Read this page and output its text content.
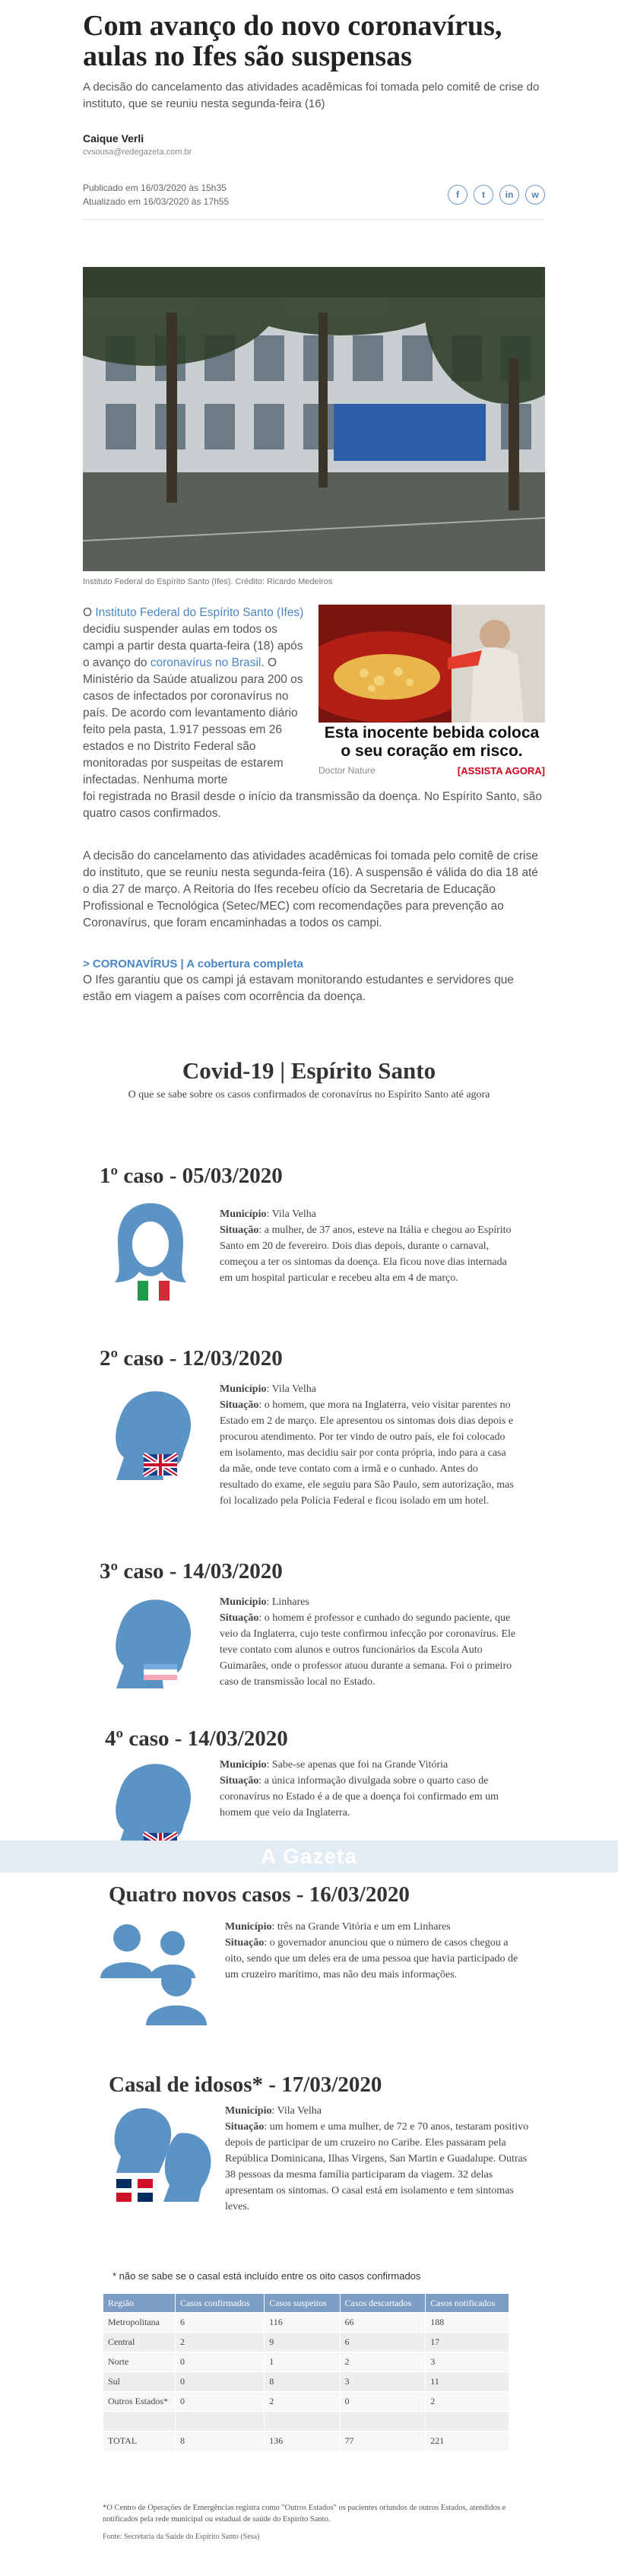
Com avanço do novo coronavírus, aulas no Ifes são suspensas

A decisão do cancelamento das atividades acadêmicas foi tomada pelo comitê de crise do instituto, que se reuniu nesta segunda-feira (16)

Caique Verli
cvsousa@redegazeta.com.br
Publicado em 16/03/2020 às 15h35
Atualizado em 16/03/2020 às 17h55
f	t	in	w
Instituto Federal do Espírito Santo (Ifes). Crédito: Ricardo Medeiros
Esta inocente bebida coloca o seu coração em risco.
Doctor Nature	[ASSISTA AGORA]

O Instituto Federal do Espírito Santo (Ifes) decidiu suspender aulas em todos os campi a partir desta quarta-feira (18) após o avanço do coronavírus no Brasil. O Ministério da Saúde atualizou para 200 os casos de infectados por coronavírus no país. De acordo com levantamento diário feito pela pasta, 1.917 pessoas em 26 estados e no Distrito Federal são monitoradas por suspeitas de estarem infectadas. Nenhuma morte

foi registrada no Brasil desde o início da transmissão da doença. No Espírito Santo, são quatro casos confirmados.

A decisão do cancelamento das atividades acadêmicas foi tomada pelo comitê de crise do instituto, que se reuniu nesta segunda-feira (16). A suspensão é válida do dia 18 até o dia 27 de março. A Reitoria do Ifes recebeu ofício da Secretaria de Educação Profissional e Tecnológica (Setec/MEC) com recomendações para prevenção ao Coronavírus, que foram encaminhadas a todos os campi.

> CORONAVÍRUS | A cobertura completa

O Ifes garantiu que os campi já estavam monitorando estudantes e servidores que estão em viagem a países com ocorrência da doença.

Covid-19 | Espírito Santo
O que se sabe sobre os casos confirmados de coronavírus no Espírito Santo até agora
1º caso - 05/03/2020
Município: Vila Velha
Situação: a mulher, de 37 anos, esteve na Itália e chegou ao Espírito Santo em 20 de fevereiro. Dois dias depois, durante o carnaval, começou a ter os sintomas da doença. Ela ficou nove dias internada em um hospital particular e recebeu alta em 4 de março.
2º caso - 12/03/2020
Município: Vila Velha
Situação: o homem, que mora na Inglaterra, veio visitar parentes no Estado em 2 de março. Ele apresentou os sintomas dois dias depois e procurou atendimento. Por ter vindo de outro país, ele foi colocado em isolamento, mas decidiu sair por conta própria, indo para a casa da mãe, onde teve contato com a irmã e o cunhado. Antes do resultado do exame, ele seguiu para São Paulo, sem autorização, mas foi localizado pela Polícia Federal e ficou isolado em um hotel.
3º caso - 14/03/2020
Município: Linhares
Situação: o homem é professor e cunhado do segundo paciente, que veio da Inglaterra, cujo teste confirmou infecção por coronavírus. Ele teve contato com alunos e outros funcionários da Escola Auto Guimarães, onde o professor atuou durante a semana. Foi o primeiro caso de transmissão local no Estado.
4º caso - 14/03/2020
Município: Sabe-se apenas que foi na Grande Vitória
Situação: a única informação divulgada sobre o quarto caso de coronavírus no Estado é a de que a doença foi confirmado em um homem que veio da Inglaterra.
A Gazeta
Quatro novos casos - 16/03/2020
Município: três na Grande Vitória e um em Linhares
Situação: o governador anunciou que o número de casos chegou a oito, sendo que um deles era de uma pessoa que havia participado de um cruzeiro marítimo, mas não deu mais informações.
Casal de idosos* - 17/03/2020
Município: Vila Velha
Situação: um homem e uma mulher, de 72 e 70 anos, testaram positivo depois de participar de um cruzeiro no Caribe. Eles passaram pela República Dominicana, Ilhas Virgens, San Martin e Guadalupe. Outras 38 pessoas da mesma família participaram da viagem. 32 delas apresentam os sintomas. O casal está em isolamento e tem sintomas leves.
* não se sabe se o casal está incluído entre os oito casos confirmados
Região	Casos confirmados	Casos suspeitos	Casos descartados	Casos notificados
Metropolitana	6	116	66	188
Central	2	9	6	17
Norte	0	1	2	3
Sul	0	8	3	11
Outros Estados*	0	2	0	2

TOTAL	8	136	77	221
*O Centro de Operações de Emergências registra como "Outros Estados" os pacientes oriundos de outros Estados, atendidos e notificados pela rede municipal ou estadual de saúde do Espírito Santo.
Fonte: Secretaria da Saúde do Espírito Santo (Sesa)
